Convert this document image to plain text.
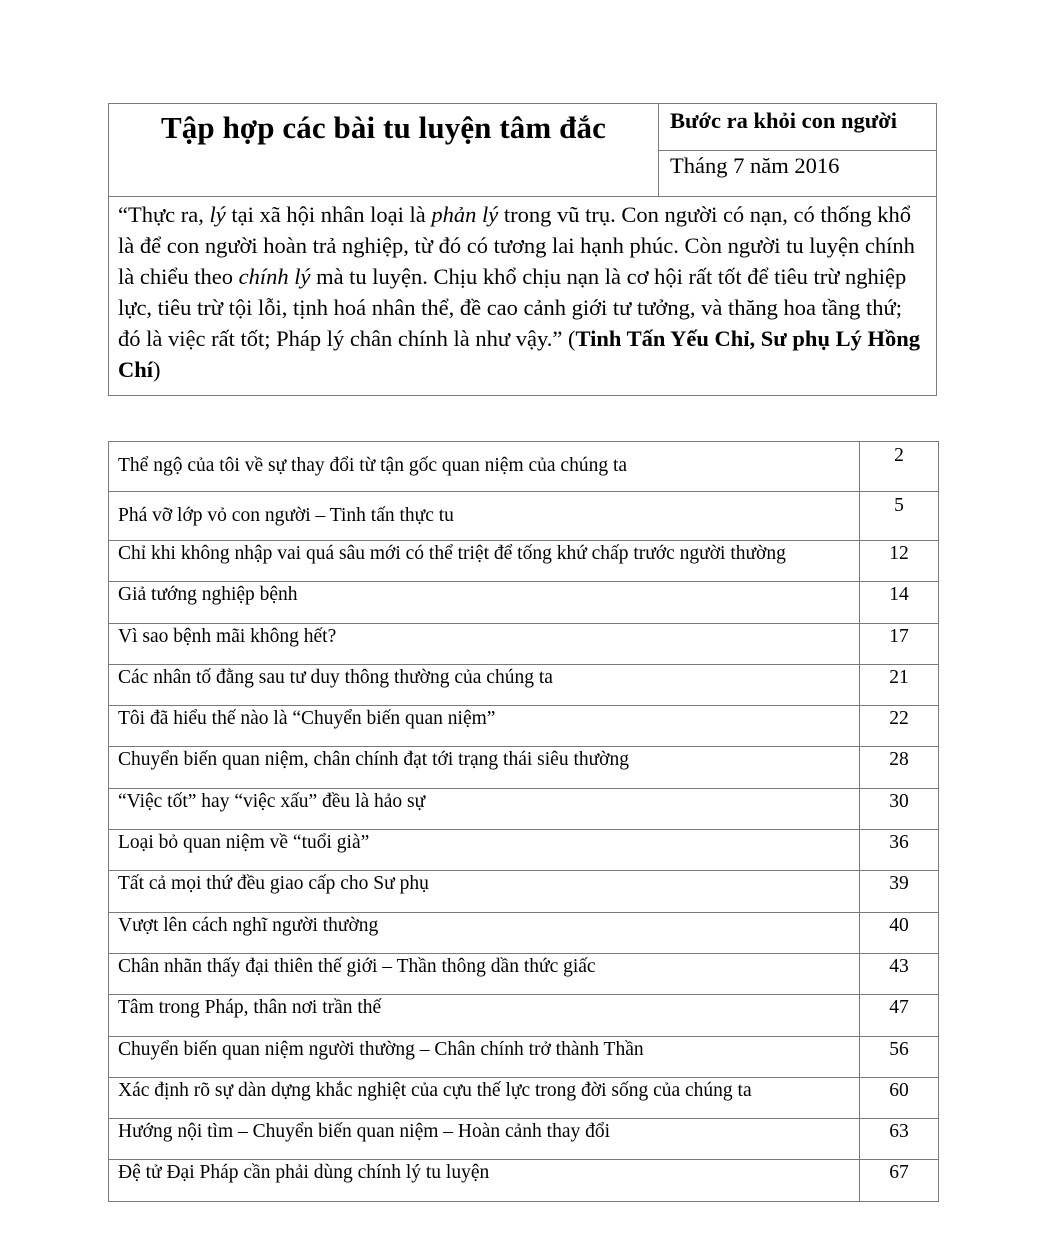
Tập hợp các bài tu luyện tâm đắc	Bước ra khỏi con người

Tháng 7 năm 2016

“Thực ra, lý tại xã hội nhân loại là phản lý trong vũ trụ. Con người có nạn, có thống khổ là để con người hoàn trả nghiệp, từ đó có tương lai hạnh phúc. Còn người tu luyện chính là chiểu theo chính lý mà tu luyện. Chịu khổ chịu nạn là cơ hội rất tốt để tiêu trừ nghiệp lực, tiêu trừ tội lỗi, tịnh hoá nhân thể, đề cao cảnh giới tư tưởng, và thăng hoa tầng thứ; đó là việc rất tốt; Pháp lý chân chính là như vậy.” (Tinh Tấn Yếu Chỉ, Sư phụ Lý Hồng Chí)
Thể ngộ của tôi về sự thay đổi từ tận gốc quan niệm của chúng ta	2

Phá vỡ lớp vỏ con người – Tinh tấn thực tu	5

Chỉ khi không nhập vai quá sâu mới có thể triệt để tống khứ chấp trước người thường	12

Giả tướng nghiệp bệnh	14

Vì sao bệnh mãi không hết?	17

Các nhân tố đằng sau tư duy thông thường của chúng ta	21

Tôi đã hiểu thế nào là “Chuyển biến quan niệm”	22

Chuyển biến quan niệm, chân chính đạt tới trạng thái siêu thường	28

“Việc tốt” hay “việc xấu” đều là hảo sự	30

Loại bỏ quan niệm về “tuổi già”	36

Tất cả mọi thứ đều giao cấp cho Sư phụ	39

Vượt lên cách nghĩ người thường	40

Chân nhãn thấy đại thiên thế giới – Thần thông dần thức giấc	43

Tâm trong Pháp, thân nơi trần thế	47

Chuyển biến quan niệm người thường – Chân chính trở thành Thần	56

Xác định rõ sự dàn dựng khắc nghiệt của cựu thế lực trong đời sống của chúng ta	60

Hướng nội tìm – Chuyển biến quan niệm – Hoàn cảnh thay đổi	63

Đệ tử Đại Pháp cần phải dùng chính lý tu luyện	67
